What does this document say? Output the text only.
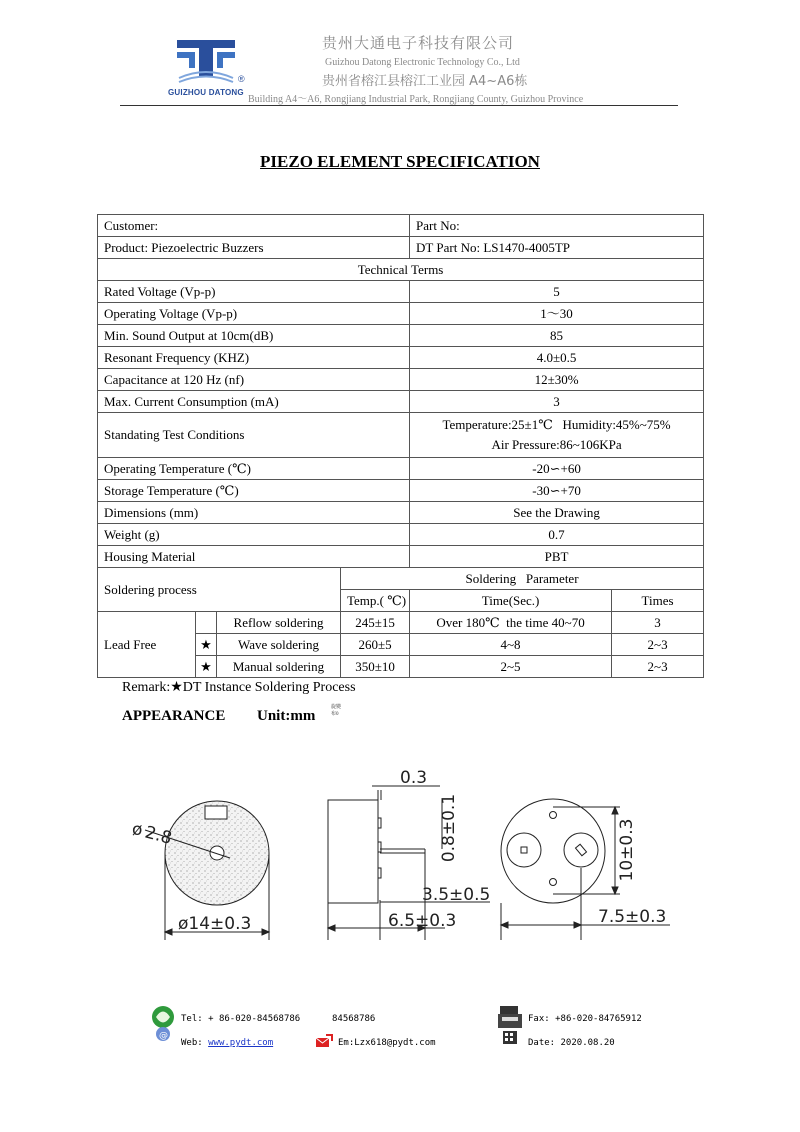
®
GUIZHOU DATONG
贵州大通电子科技有限公司
Guizhou Datong Electronic Technology Co., Ltd
贵州省榕江县榕江工业园 A4~A6栋
Building A4～A6, Rongjiang Industrial Park, Rongjiang County, Guizhou Province
PIEZO ELEMENT SPECIFICATION
Customer:				Part No:	
Product: Piezoelectric Buzzers				DT Part No: LS1470-4005TP	
Technical Terms					
Rated Voltage (Vp-p)				5	
Operating Voltage (Vp-p)				1～30	
Min. Sound Output at 10cm(dB)				85	
Resonant Frequency (KHZ)				4.0±0.5	
Capacitance at 120 Hz (nf)				12±30%	
Max. Current Consumption (mA)				3	
Standating Test Conditions				Temperature:25±1℃   Humidity:45%~75%
Air Pressure:86~106KPa	

Operating Temperature (℃)				-20∽+60	
Storage Temperature (℃)				-30∽+70	
Dimensions (mm)				See the Drawing	
Weight (g)				0.7	
Housing Material				PBT	
Soldering process			Soldering   Parameter		
			Temp.( ℃)	Time(Sec.)	Times
Lead Free		Reflow soldering	245±15	Over 180℃  the time 40~70	3
	★	Wave soldering	260±5	4~8	2~3
	★	Manual soldering	350±10	2~5	2~3
Remark:★DT Instance Soldering Process
APPEARANCE Unit:mm
旋變
布0
ø 2.8
ø14±0.3
0.3
0.8±0.1
3.5±0.5
6.5±0.3
10±0.3
7.5±0.3
@
Tel: + 86-020-84568786	84568786
Web: www.pydt.com	Em:Lzx618@pydt.com
Fax: +86-020-84765912
Date: 2020.08.20
